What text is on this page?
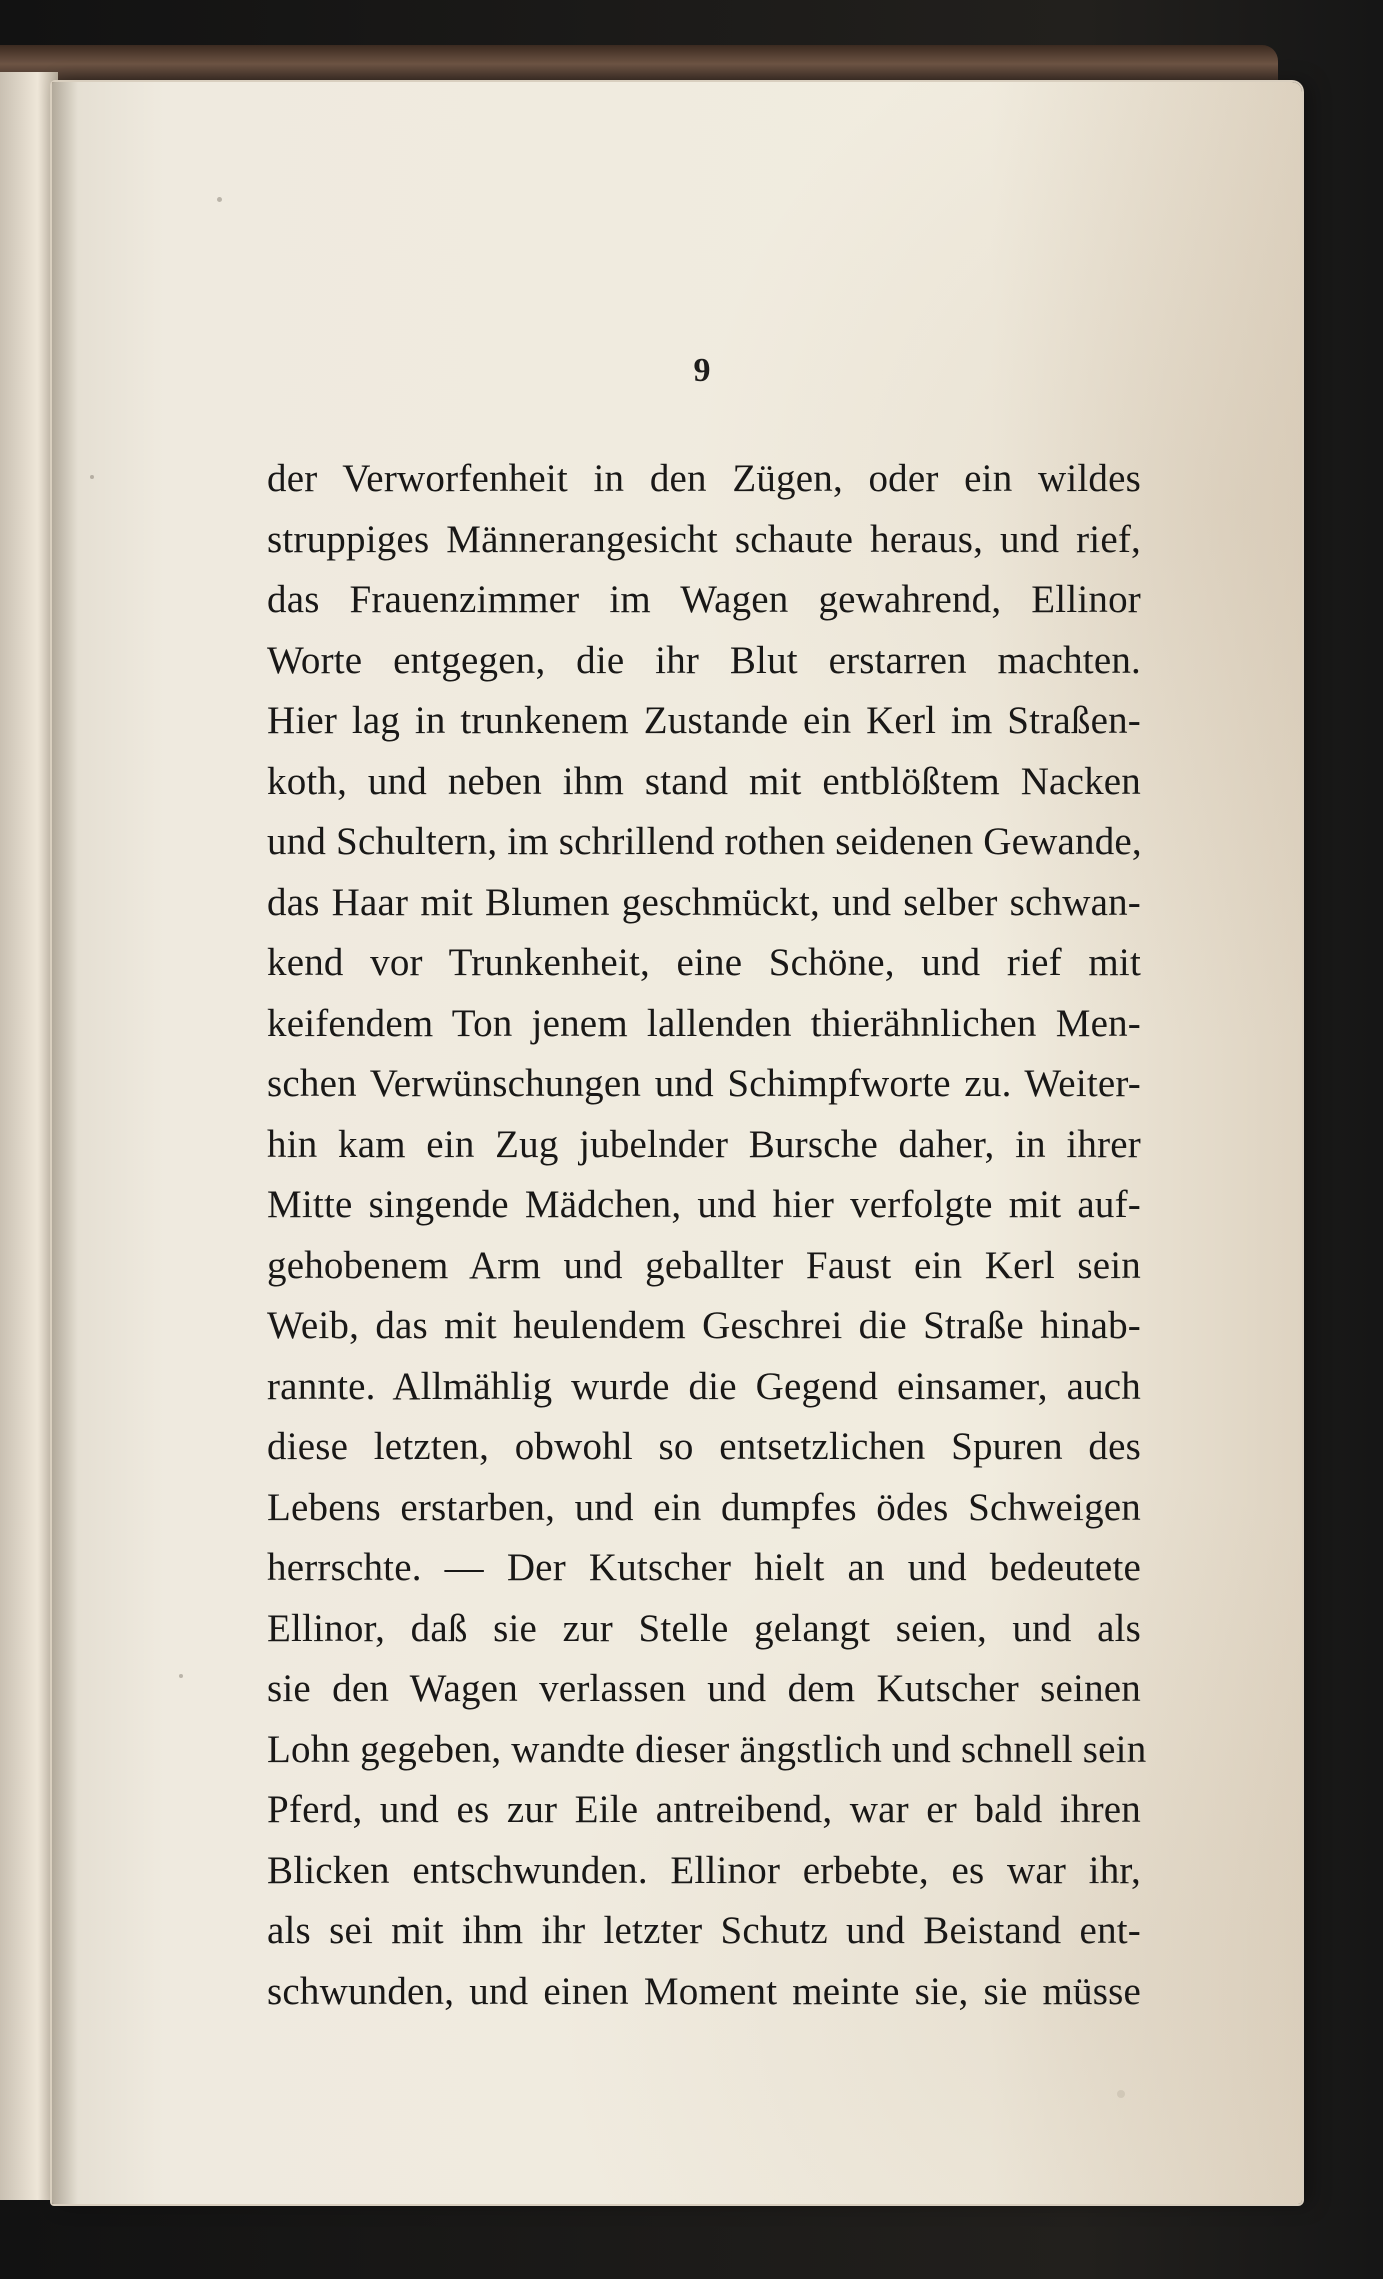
9
der Verworfenheit in den Zügen, oder ein wildes
struppiges Männerangesicht schaute heraus, und rief,
das Frauenzimmer im Wagen gewahrend, Ellinor
Worte entgegen, die ihr Blut erstarren machten.
Hier lag in trunkenem Zustande ein Kerl im Straßen-
koth, und neben ihm stand mit entblößtem Nacken
und Schultern, im schrillend rothen seidenen Gewande,
das Haar mit Blumen geschmückt, und selber schwan-
kend vor Trunkenheit, eine Schöne, und rief mit
keifendem Ton jenem lallenden thierähnlichen Men-
schen Verwünschungen und Schimpfworte zu. Weiter-
hin kam ein Zug jubelnder Bursche daher, in ihrer
Mitte singende Mädchen, und hier verfolgte mit auf-
gehobenem Arm und geballter Faust ein Kerl sein
Weib, das mit heulendem Geschrei die Straße hinab-
rannte. Allmählig wurde die Gegend einsamer, auch
diese letzten, obwohl so entsetzlichen Spuren des
Lebens erstarben, und ein dumpfes ödes Schweigen
herrschte. — Der Kutscher hielt an und bedeutete
Ellinor, daß sie zur Stelle gelangt seien, und als
sie den Wagen verlassen und dem Kutscher seinen
Lohn gegeben, wandte dieser ängstlich und schnell sein
Pferd, und es zur Eile antreibend, war er bald ihren
Blicken entschwunden. Ellinor erbebte, es war ihr,
als sei mit ihm ihr letzter Schutz und Beistand ent-
schwunden, und einen Moment meinte sie, sie müsse
